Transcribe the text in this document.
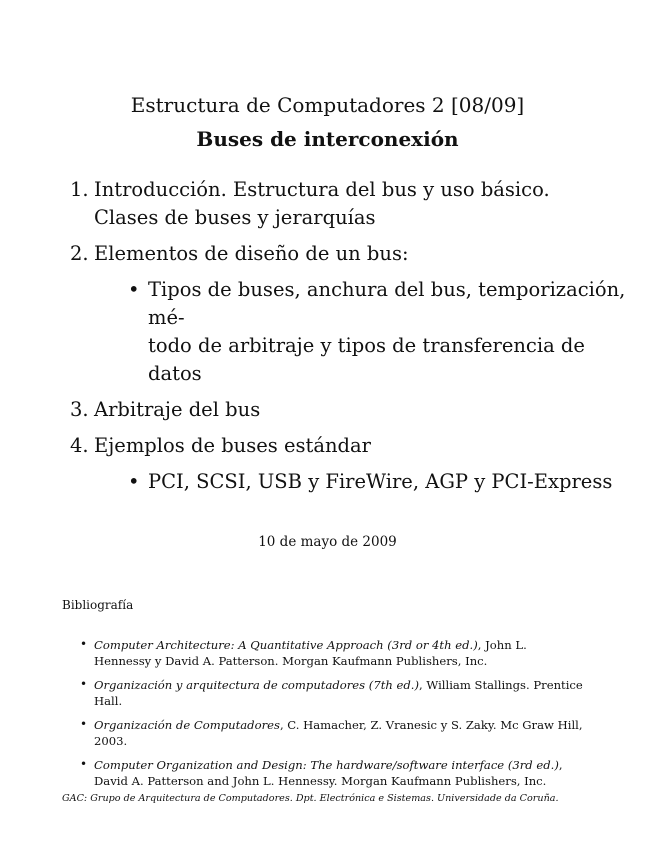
Estructura de Computadores 2 [08/09]
Buses de interconexión
1. Introducción. Estructura del bus y uso básico.
Clases de buses y jerarquías
2. Elementos de diseño de un bus:
• Tipos de buses, anchura del bus, temporización, mé-
todo de arbitraje y tipos de transferencia de datos
3. Arbitraje del bus
4. Ejemplos de buses estándar
• PCI, SCSI, USB y FireWire, AGP y PCI-Express
10 de mayo de 2009
Bibliografía
• Computer Architecture: A Quantitative Approach (3rd or 4th ed.), John L. Hennessy y David A. Patterson. Morgan Kaufmann Publishers, Inc.
• Organización y arquitectura de computadores (7th ed.), William Stallings. Prentice Hall.
• Organización de Computadores, C. Hamacher, Z. Vranesic y S. Zaky. Mc Graw Hill, 2003.
• Computer Organization and Design: The hardware/software interface (3rd ed.), David A. Patterson and John L. Hennessy. Morgan Kaufmann Publishers, Inc.
GAC: Grupo de Arquitectura de Computadores. Dpt. Electrónica e Sistemas. Universidade da Coruña.
